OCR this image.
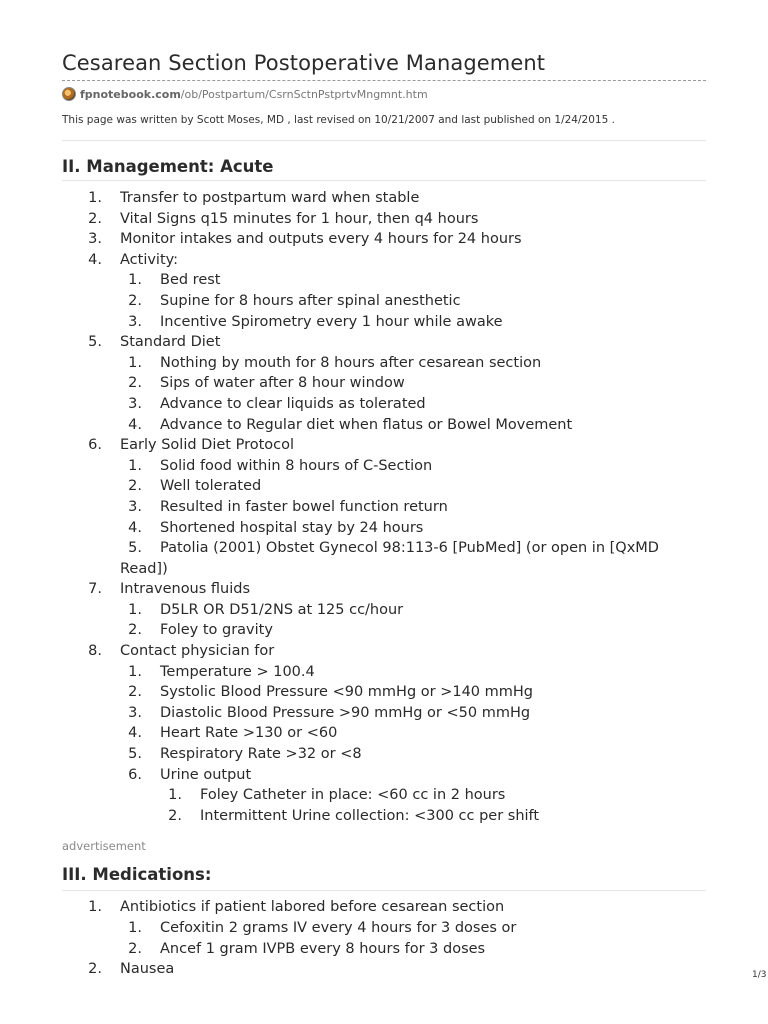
Cesarean Section Postoperative Management
fpnotebook.com /ob/Postpartum/CsrnSctnPstprtvMngmnt.htm
This page was written by Scott Moses, MD , last revised on 10/21/2007 and last published on 1/24/2015 .
II. Management: Acute
1. Transfer to postpartum ward when stable
2. Vital Signs q15 minutes for 1 hour, then q4 hours
3. Monitor intakes and outputs every 4 hours for 24 hours
4. Activity:
1. Bed rest
2. Supine for 8 hours after spinal anesthetic
3. Incentive Spirometry every 1 hour while awake
5. Standard Diet
1. Nothing by mouth for 8 hours after cesarean section
2. Sips of water after 8 hour window
3. Advance to clear liquids as tolerated
4. Advance to Regular diet when flatus or Bowel Movement
6. Early Solid Diet Protocol
1. Solid food within 8 hours of C-Section
2. Well tolerated
3. Resulted in faster bowel function return
4. Shortened hospital stay by 24 hours
5. Patolia (2001) Obstet Gynecol 98:113-6 [PubMed] (or open in [QxMD Read])
7. Intravenous fluids
1. D5LR OR D51/2NS at 125 cc/hour
2. Foley to gravity
8. Contact physician for
1. Temperature > 100.4
2. Systolic Blood Pressure <90 mmHg or >140 mmHg
3. Diastolic Blood Pressure >90 mmHg or <50 mmHg
4. Heart Rate >130 or <60
5. Respiratory Rate >32 or <8
6. Urine output
1. Foley Catheter in place: <60 cc in 2 hours
2. Intermittent Urine collection: <300 cc per shift
advertisement
III. Medications:
1. Antibiotics if patient labored before cesarean section
1. Cefoxitin 2 grams IV every 4 hours for 3 doses or
2. Ancef 1 gram IVPB every 8 hours for 3 doses
2. Nausea	1/3
